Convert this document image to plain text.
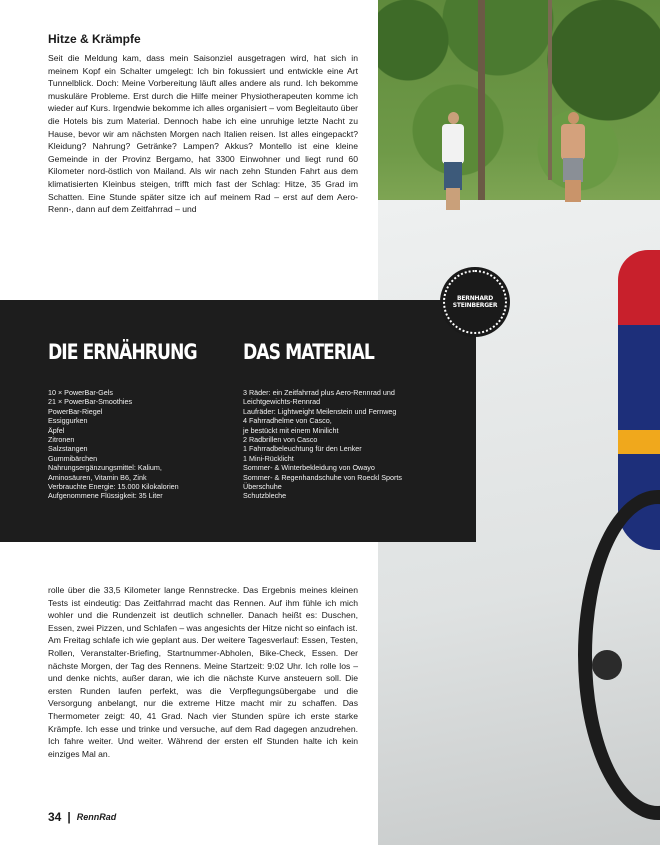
Hitze & Krämpfe

Seit die Meldung kam, dass mein Saisonziel ausgetragen wird, hat sich in meinem Kopf ein Schalter umgelegt: Ich bin fokussiert und entwickle eine Art Tunnelblick. Doch: Meine Vorbereitung läuft alles andere als rund. Ich bekomme muskuläre Probleme. Erst durch die Hilfe meiner Physiotherapeuten komme ich wieder auf Kurs. Irgendwie bekomme ich alles organisiert – vom Begleitauto über die Hotels bis zum Material. Dennoch habe ich eine unruhige letzte Nacht zu Hause, bevor wir am nächsten Morgen nach Italien reisen. Ist alles eingepackt? Kleidung? Nahrung? Getränke? Lampen? Akkus? Montello ist eine kleine Gemeinde in der Provinz Bergamo, hat 3300 Einwohner und liegt rund 60 Kilometer nord-östlich von Mailand. Als wir nach zehn Stunden Fahrt aus dem klimatisierten Kleinbus steigen, trifft mich fast der Schlag: Hitze, 35 Grad im Schatten. Eine Stunde später sitze ich auf meinem Rad – erst auf dem Aero-Renn-, dann auf dem Zeitfahrrad – und

BERNHARD
STEINBERGER
DIE ERNÄHRUNG
10 × PowerBar-Gels
21 × PowerBar-Smoothies
PowerBar-Riegel
Essiggurken
Äpfel
Zitronen
Salzstangen
Gummibärchen
Nahrungsergänzungsmittel: Kalium,
Aminosäuren, Vitamin B6, Zink
Verbrauchte Energie: 15.000 Kilokalorien
Aufgenommene Flüssigkeit: 35 Liter
DAS MATERIAL
3 Räder: ein Zeitfahrrad plus Aero-Rennrad und
Leichtgewichts-Rennrad
Laufräder: Lightweight Meilenstein und Fernweg
4 Fahrradhelme von Casco,
je bestückt mit einem Minilicht
2 Radbrillen von Casco
1 Fahrradbeleuchtung für den Lenker
1 Mini-Rücklicht
Sommer- & Winterbekleidung von Owayo
Sommer- & Regenhandschuhe von Roeckl Sports
Überschuhe
Schutzbleche

rolle über die 33,5 Kilometer lange Rennstrecke. Das Ergebnis meines kleinen Tests ist eindeutig: Das Zeitfahrrad macht das Rennen. Auf ihm fühle ich mich wohler und die Rundenzeit ist deutlich schneller. Danach heißt es: Duschen, Essen, zwei Pizzen, und Schlafen – was angesichts der Hitze nicht so einfach ist.

Am Freitag schlafe ich wie geplant aus. Der weitere Tagesverlauf: Essen, Testen, Rollen, Veranstalter-Briefing, Startnummer-Abholen, Bike-Check, Essen. Der nächste Morgen, der Tag des Rennens. Meine Startzeit: 9:02 Uhr. Ich rolle los – und denke nichts, außer daran, wie ich die nächste Kurve ansteuern soll. Die ersten Runden laufen perfekt, was die Verpflegungsübergabe und die Versorgung anbelangt, nur die extreme Hitze macht mir zu schaffen. Das Thermometer zeigt: 40, 41 Grad. Nach vier Stunden spüre ich erste starke Krämpfe. Ich esse und trinke und versuche, auf dem Rad dagegen anzudrehen. Ich fahre weiter. Und weiter. Während der ersten elf Stunden halte ich kein einziges Mal an.

34 | RennRad
